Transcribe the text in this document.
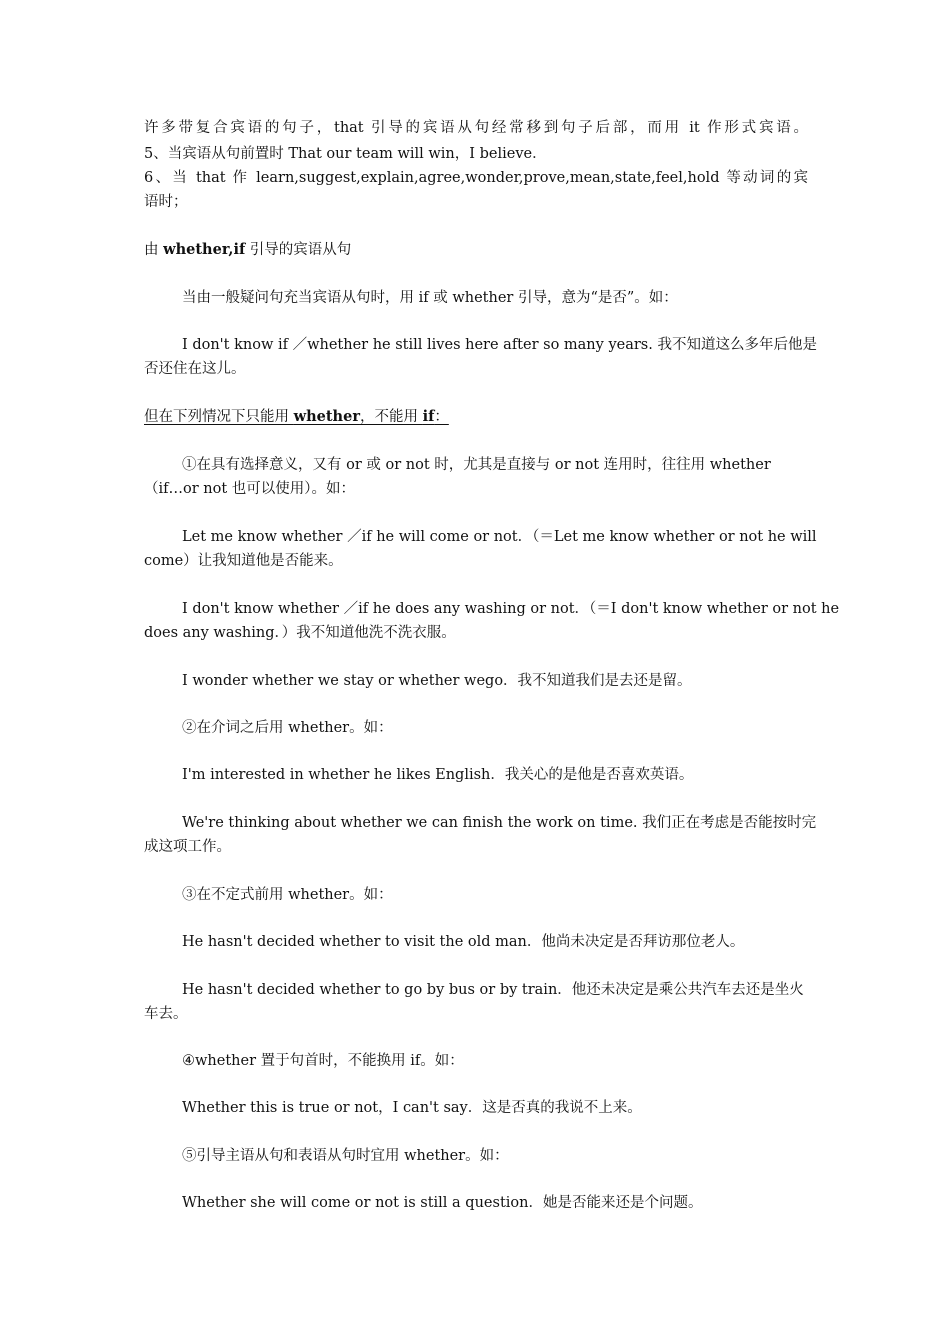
许多带复合宾语的句子，that 引导的宾语从句经常移到句子后部，而用 it 作形式宾语。
5、当宾语从句前置时 That our team will win，I believe．
6、当 that 作 learn,suggest,explain,agree,wonder,prove,mean,state,feel,hold 等动词的宾
语时；
由 whether,if 引导的宾语从句
当由一般疑问句充当宾语从句时，用 if 或 whether 引导，意为“是否”。如：
I don't know if ／whether he still lives here after so many years. 我不知道这么多年后他是
否还住在这儿。
但在下列情况下只能用 whether，不能用 if：
①在具有选择意义，又有 or 或 or not 时，尤其是直接与 or not 连用时，往往用 whether
（if…or not 也可以使用）。如：
Let me know whether ／if he will come or not．（＝Let me know whether or not he will
come）让我知道他是否能来。
I don't know whether ／if he does any washing or not．（＝I don't know whether or not he
does any washing．）我不知道他洗不洗衣服。
I wonder whether we stay or whether wego．我不知道我们是去还是留。
②在介词之后用 whether。如：
I'm interested in whether he likes English．我关心的是他是否喜欢英语。
We're thinking about whether we can finish the work on time. 我们正在考虑是否能按时完
成这项工作。
③在不定式前用 whether。如：
He hasn't decided whether to visit the old man．他尚未决定是否拜访那位老人。
He hasn't decided whether to go by bus or by train．他还未决定是乘公共汽车去还是坐火
车去。
④whether 置于句首时，不能换用 if。如：
Whether this is true or not，I can't say．这是否真的我说不上来。
⑤引导主语从句和表语从句时宜用 whether。如：
Whether she will come or not is still a question．她是否能来还是个问题。
